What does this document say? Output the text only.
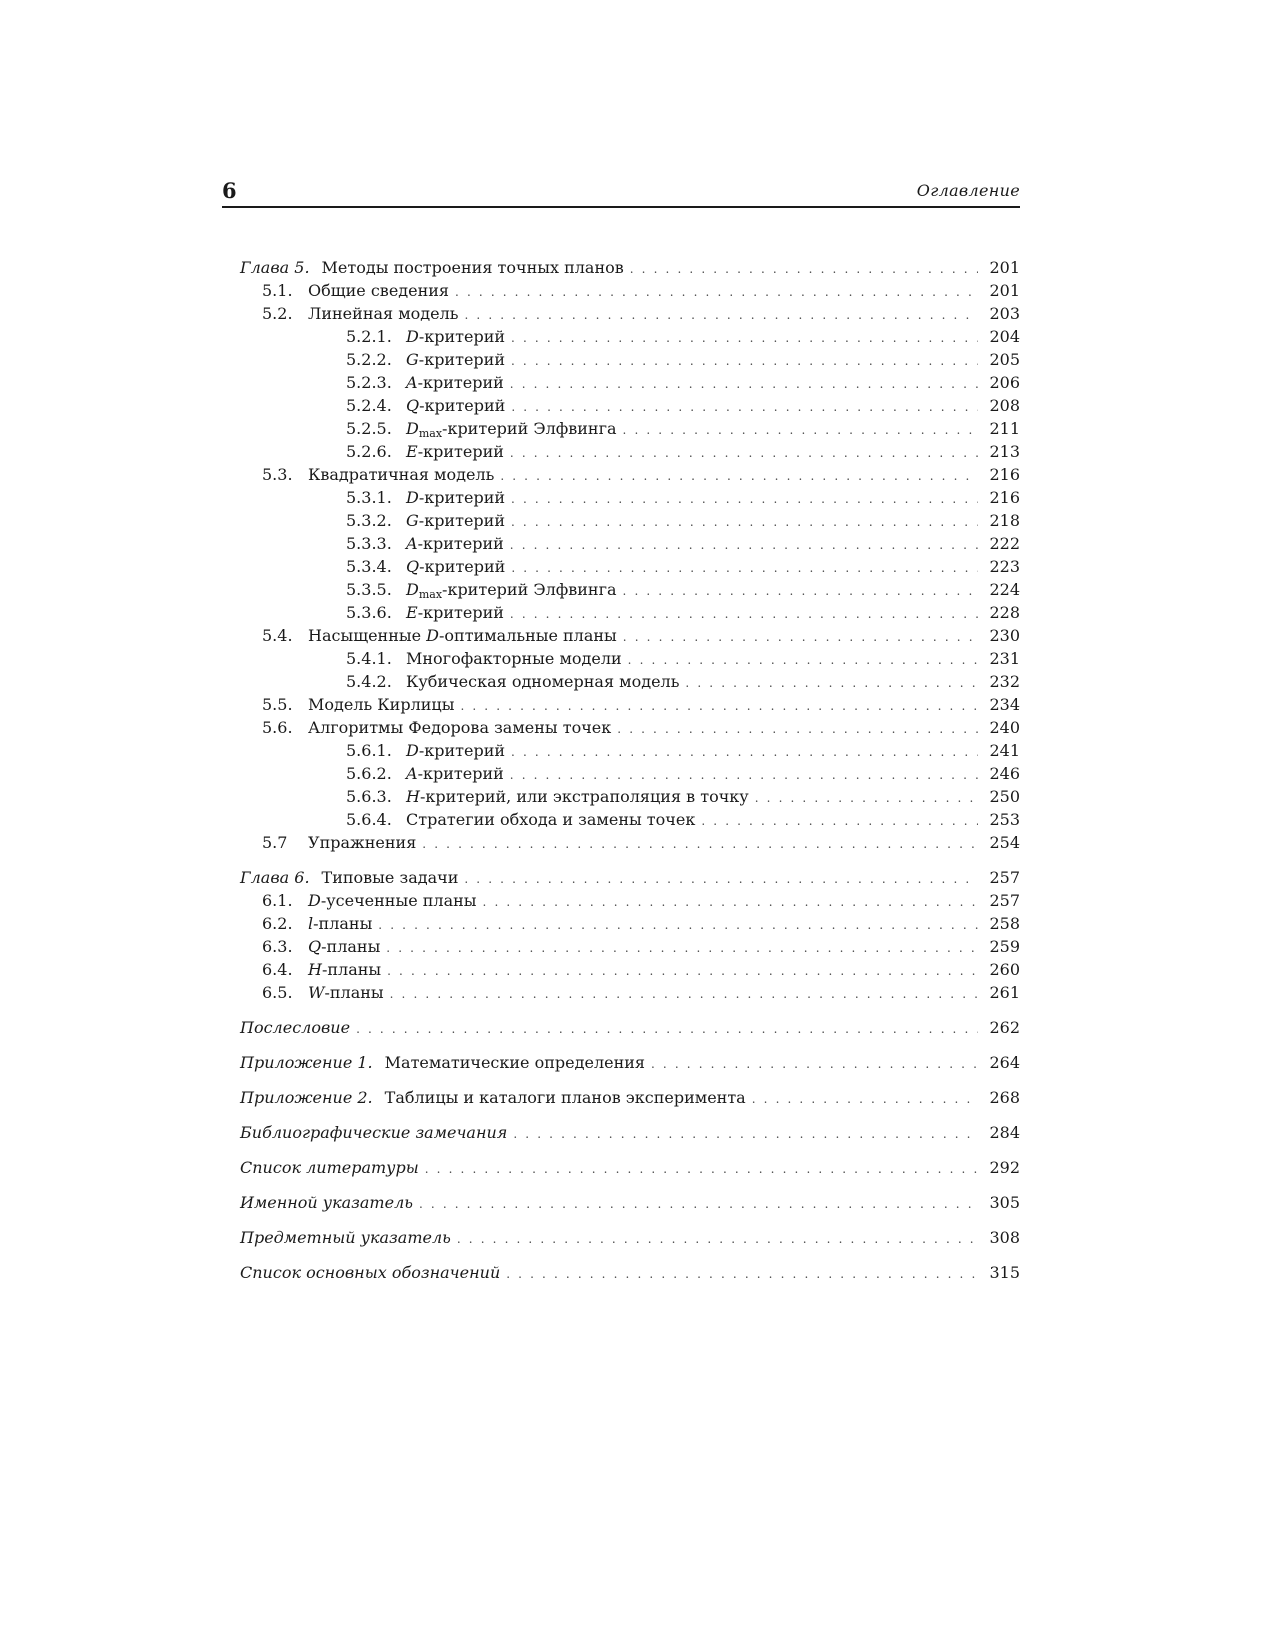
6	Оглавление
Глава 5. Методы построения точных планов . . .	201
5.1. Общие сведения . . .	201
5.2. Линейная модель . . .	203
5.2.1. D-критерий . . .	204
5.2.2. G-критерий . . .	205
5.2.3. A-критерий . . .	206
5.2.4. Q-критерий . . .	208
5.2.5. $D_{max}$-критерий Элфвинга . . .	211
5.2.6. E-критерий . . .	213
5.3. Квадратичная модель . . .	216
5.3.1. D-критерий . . .	216
5.3.2. G-критерий . . .	218
5.3.3. A-критерий . . .	222
5.3.4. Q-критерий . . .	223
5.3.5. $D_{max}$-критерий Элфвинга . . .	224
5.3.6. E-критерий . . .	228
5.4. Насыщенные D-оптимальные планы . . .	230
5.4.1. Многофакторные модели . . .	231
5.4.2. Кубическая одномерная модель . . .	232
5.5. Модель Кирлицы . . .	234
5.6. Алгоритмы Федорова замены точек . . .	240
5.6.1. D-критерий . . .	241
5.6.2. A-критерий . . .	246
5.6.3. H-критерий, или экстраполяция в точку . . .	250
5.6.4. Стратегии обхода и замены точек . . .	253
5.7	Упражнения . . .	254
Глава 6. Типовые задачи . . .	257
6.1. D-усеченные планы . . .	257
6.2. l-планы . . .	258
6.3. Q-планы . . .	259
6.4. H-планы . . .	260
6.5. W-планы . . .	261
Послесловие . . .	262
Приложение 1. Математические определения . . .	264
Приложение 2. Таблицы и каталоги планов эксперимента . . .	268
Библиографические замечания . . .	284
Список литературы . . .	292
Именной указатель . . .	305
Предметный указатель . . .	308
Список основных обозначений . . .	315
